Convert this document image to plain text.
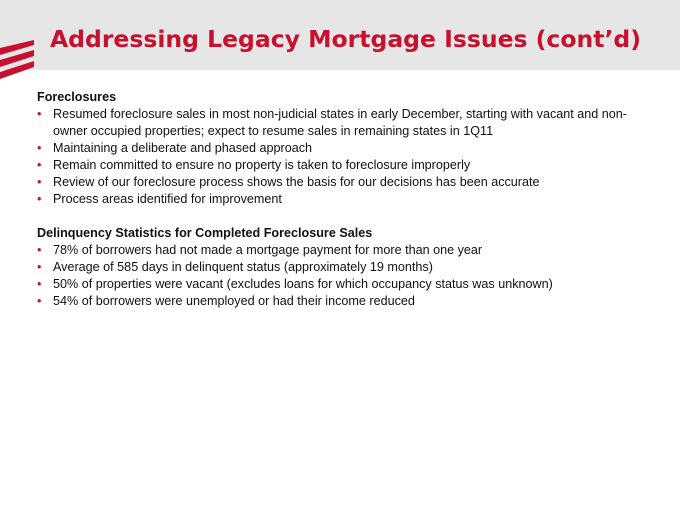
Addressing Legacy Mortgage Issues (cont’d)

Foreclosures

• Resumed foreclosure sales in most non-judicial states in early December, starting with vacant and non-owner occupied properties; expect to resume sales in remaining states in 1Q11
• Maintaining a deliberate and phased approach
• Remain committed to ensure no property is taken to foreclosure improperly
• Review of our foreclosure process shows the basis for our decisions has been accurate
• Process areas identified for improvement

Delinquency Statistics for Completed Foreclosure Sales

• 78% of borrowers had not made a mortgage payment for more than one year
• Average of 585 days in delinquent status (approximately 19 months)
• 50% of properties were vacant (excludes loans for which occupancy status was unknown)
• 54% of borrowers were unemployed or had their income reduced
